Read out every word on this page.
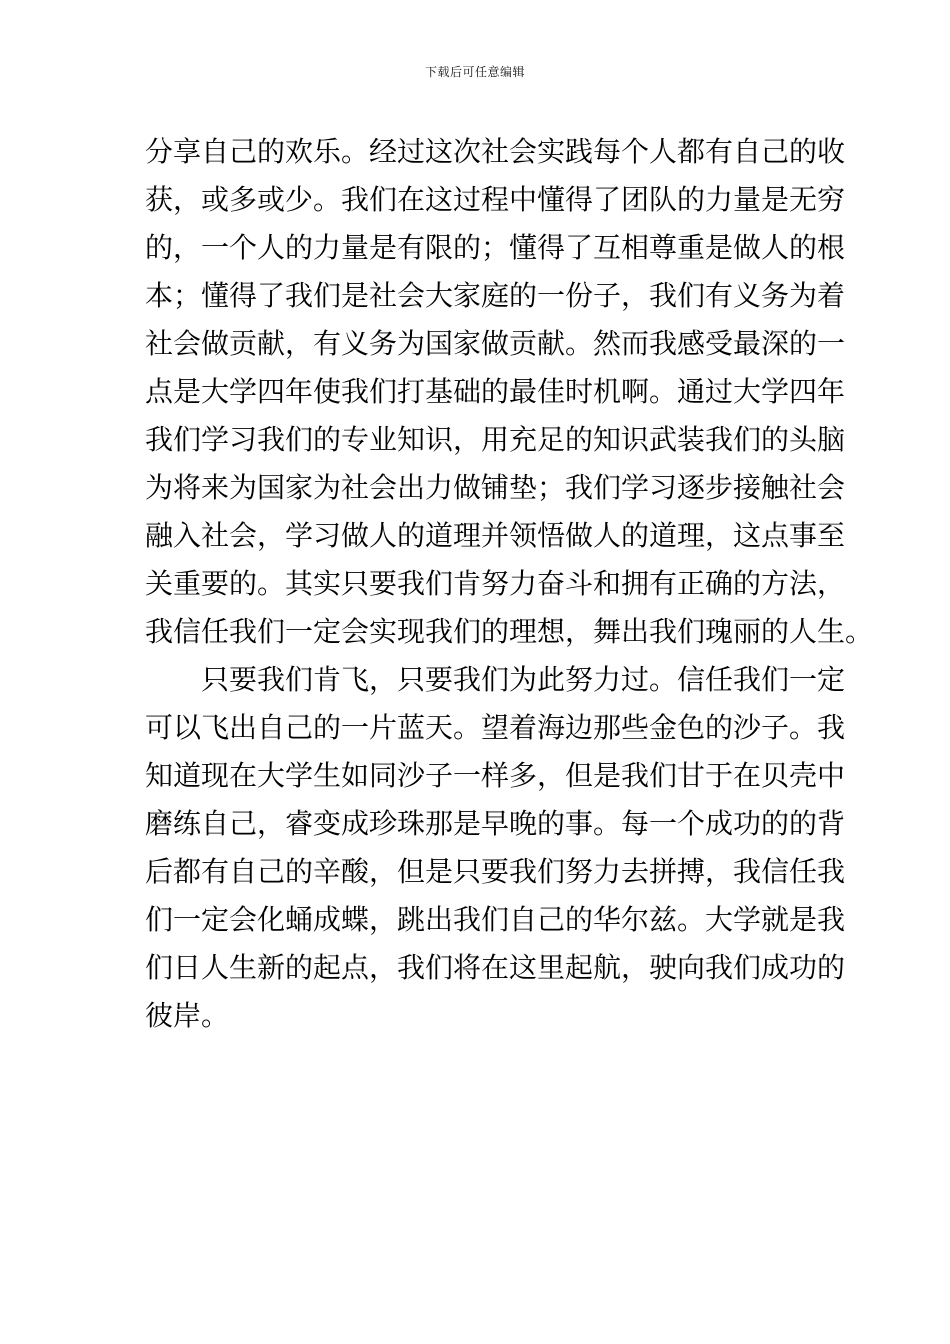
下载后可任意编辑
分享自己的欢乐。经过这次社会实践每个人都有自己的收
获，或多或少。我们在这过程中懂得了团队的力量是无穷
的，一个人的力量是有限的；懂得了互相尊重是做人的根
本；懂得了我们是社会大家庭的一份子，我们有义务为着
社会做贡献，有义务为国家做贡献。然而我感受最深的一
点是大学四年使我们打基础的最佳时机啊。通过大学四年
我们学习我们的专业知识，用充足的知识武装我们的头脑
为将来为国家为社会出力做铺垫；我们学习逐步接触社会
融入社会，学习做人的道理并领悟做人的道理，这点事至
关重要的。其实只要我们肯努力奋斗和拥有正确的方法，
我信任我们一定会实现我们的理想，舞出我们瑰丽的人生。
只要我们肯飞，只要我们为此努力过。信任我们一定
可以飞出自己的一片蓝天。望着海边那些金色的沙子。我
知道现在大学生如同沙子一样多，但是我们甘于在贝壳中
磨练自己，睿变成珍珠那是早晚的事。每一个成功的的背
后都有自己的辛酸，但是只要我们努力去拼搏，我信任我
们一定会化蛹成蝶，跳出我们自己的华尔兹。大学就是我
们日人生新的起点，我们将在这里起航，驶向我们成功的
彼岸。
